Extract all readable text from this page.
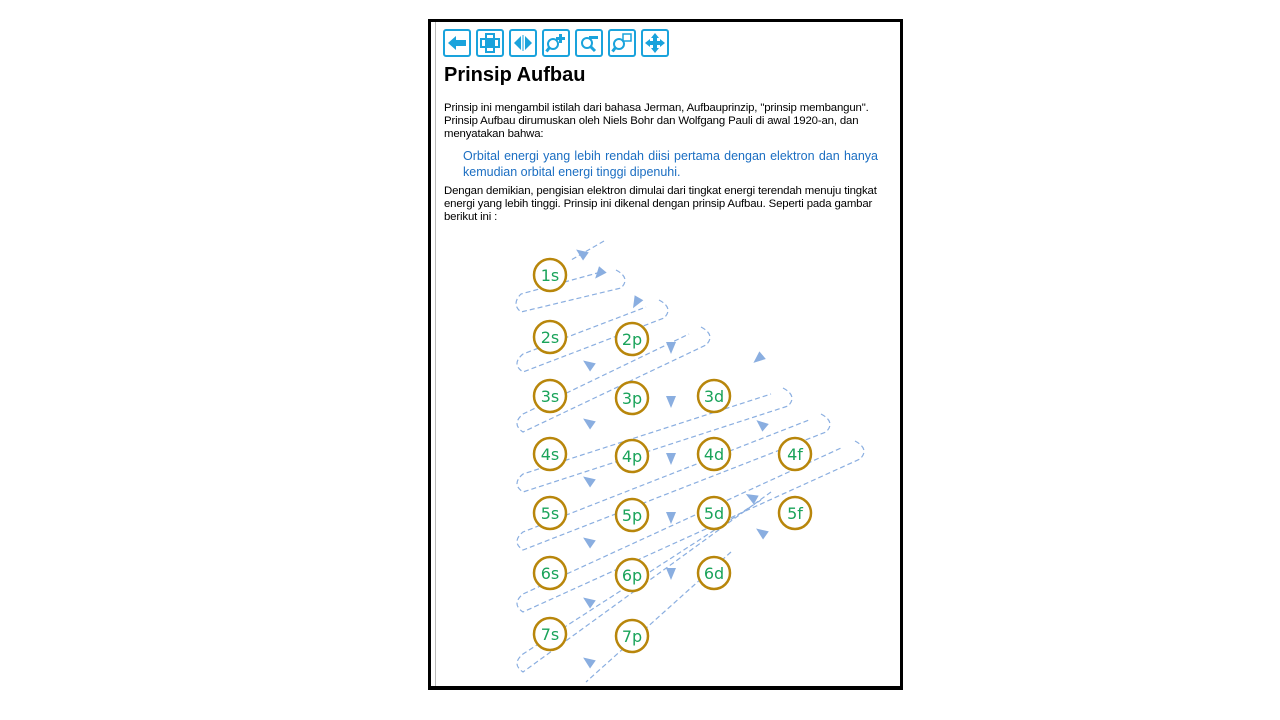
Prinsip Aufbau

Prinsip ini mengambil istilah dari bahasa Jerman, Aufbauprinzip, "prinsip membangun". Prinsip Aufbau dirumuskan oleh Niels Bohr dan Wolfgang Pauli di awal 1920-an, dan menyatakan bahwa:

Orbital energi yang lebih rendah diisi pertama dengan elektron dan hanya kemudian orbital energi tinggi dipenuhi.

Dengan demikian, pengisian elektron dimulai dari tingkat energi terendah menuju tingkat energi yang lebih tinggi. Prinsip ini dikenal dengan prinsip Aufbau. Seperti pada gambar berikut ini :

1s
2s	2p
3s	3p	3d
4s	4p	4d	4f
5s	5p	5d	5f
6s	6p	6d
7s	7p
